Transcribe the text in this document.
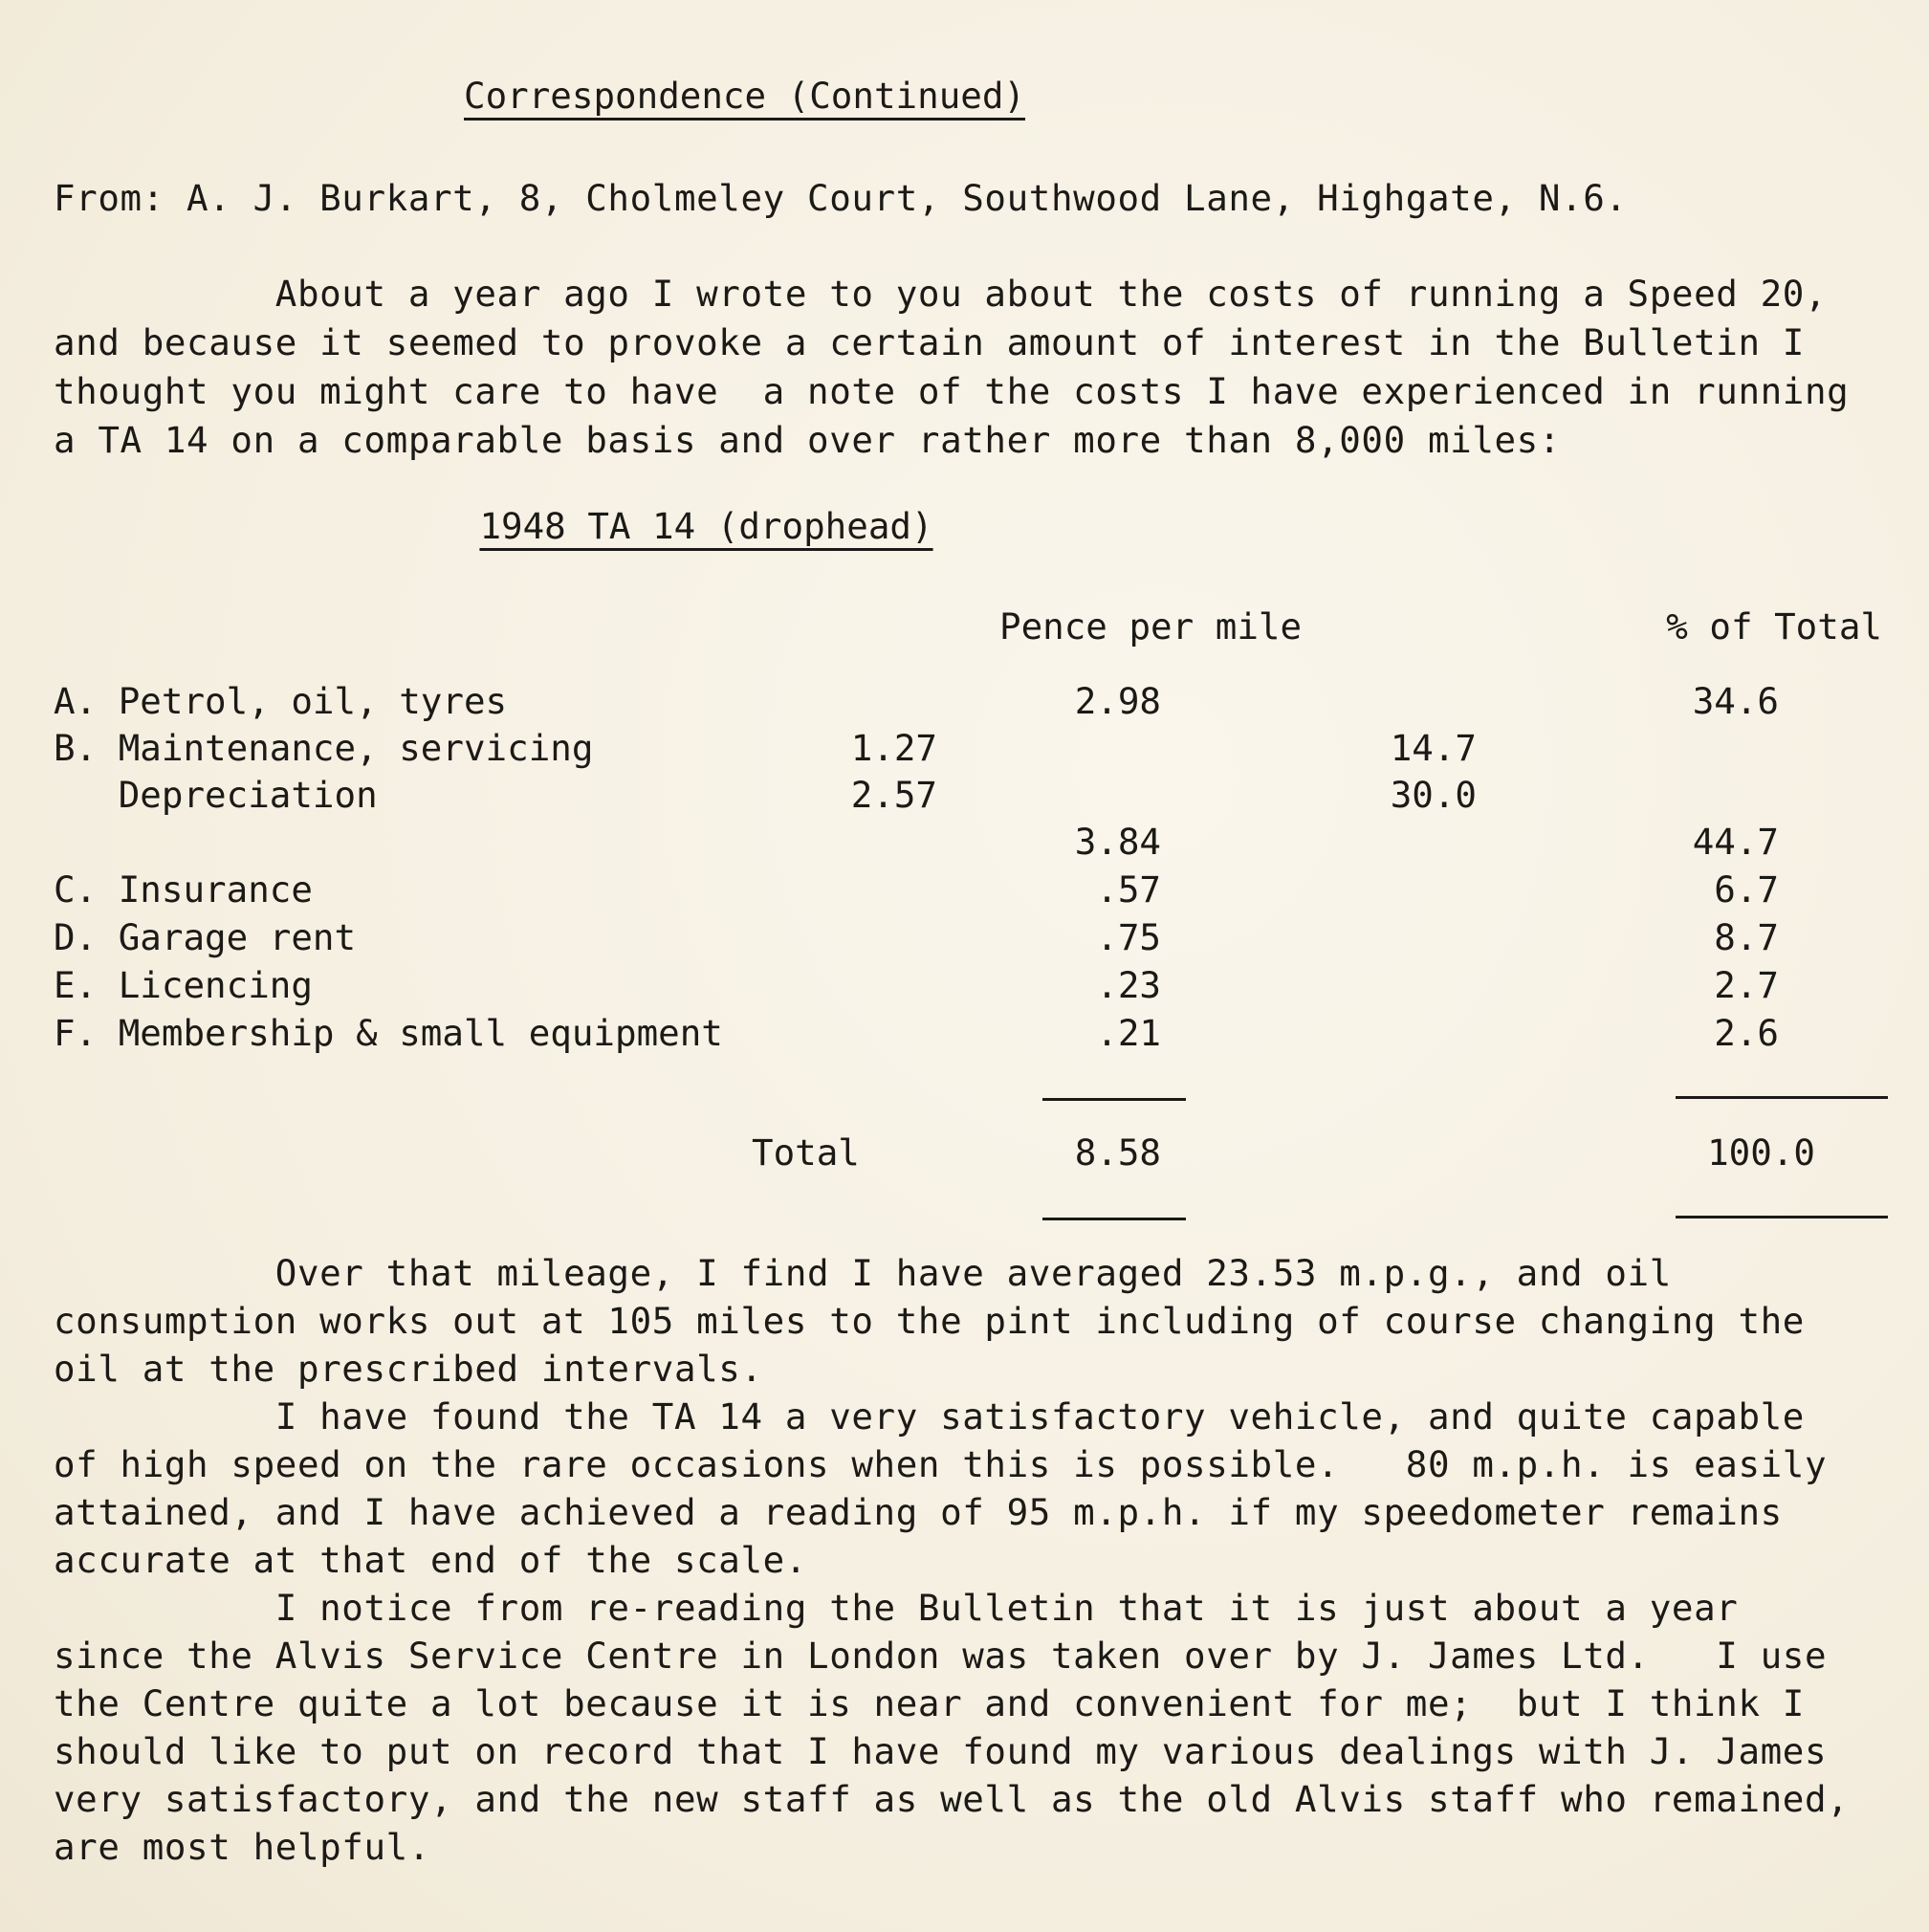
Correspondence (Continued)
From: A. J. Burkart, 8, Cholmeley Court, Southwood Lane, Highgate, N.6.
About a year ago I wrote to you about the costs of running a Speed 20,
and because it seemed to provoke a certain amount of interest in the Bulletin I
thought you might care to have  a note of the costs I have experienced in running
a TA 14 on a comparable basis and over rather more than 8,000 miles:
1948 TA 14 (drophead)
Pence per mile	% of Total
A. Petrol, oil, tyres	2.98	34.6
B. Maintenance, servicing	1.27	14.7
Depreciation	2.57	30.0
3.84	44.7
C. Insurance	.57	6.7
D. Garage rent	.75	8.7
E. Licencing	.23	2.7
F. Membership & small equipment	.21	2.6
Total	8.58	100.0
Over that mileage, I find I have averaged 23.53 m.p.g., and oil
consumption works out at 105 miles to the pint including of course changing the
oil at the prescribed intervals.
I have found the TA 14 a very satisfactory vehicle, and quite capable
of high speed on the rare occasions when this is possible.   80 m.p.h. is easily
attained, and I have achieved a reading of 95 m.p.h. if my speedometer remains
accurate at that end of the scale.
I notice from re-reading the Bulletin that it is just about a year
since the Alvis Service Centre in London was taken over by J. James Ltd.   I use
the Centre quite a lot because it is near and convenient for me;  but I think I
should like to put on record that I have found my various dealings with J. James
very satisfactory, and the new staff as well as the old Alvis staff who remained,
are most helpful.
